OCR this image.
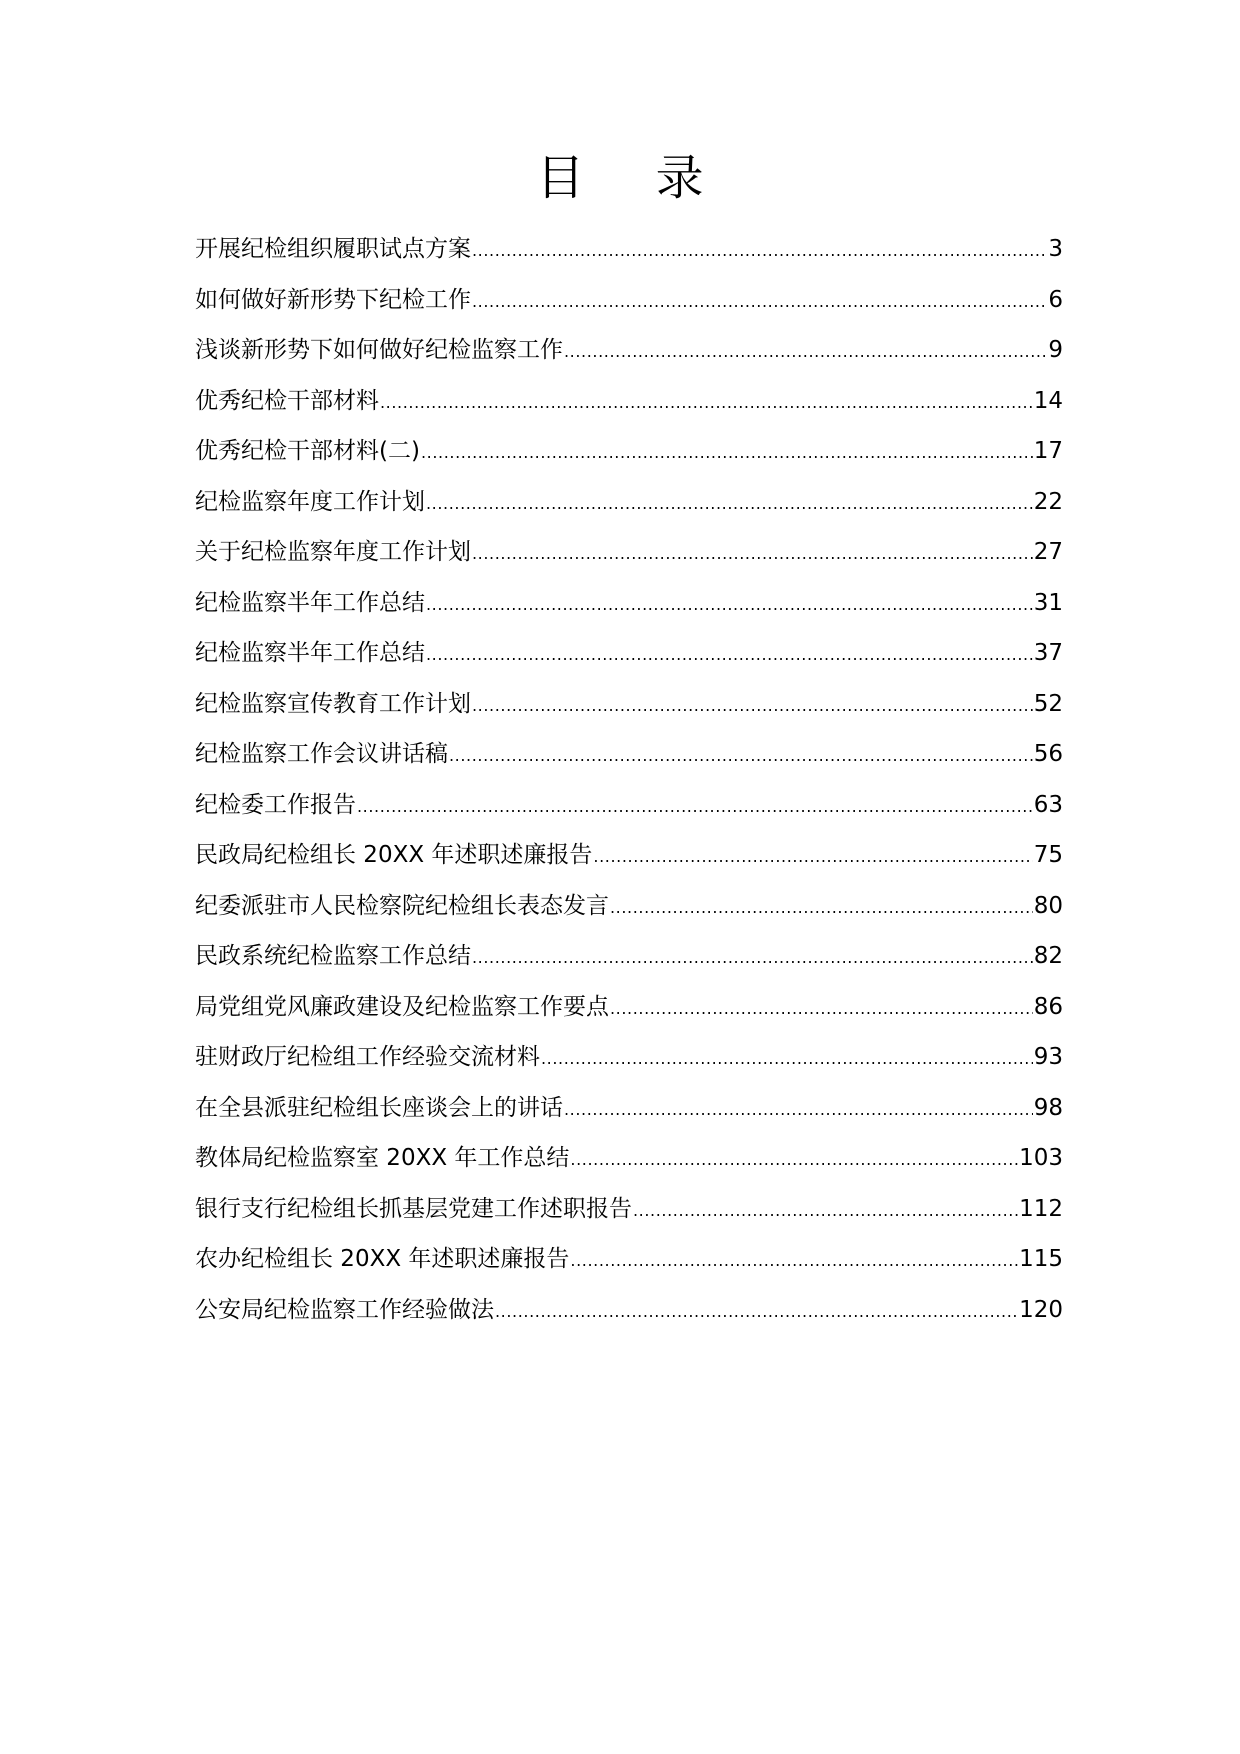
目 录
开展纪检组织履职试点方案 .....	3
如何做好新形势下纪检工作 .....	6
浅谈新形势下如何做好纪检监察工作 .....	9
优秀纪检干部材料 .....	14
优秀纪检干部材料(二) .....	17
纪检监察年度工作计划 .....	22
关于纪检监察年度工作计划 .....	27
纪检监察半年工作总结 .....	31
纪检监察半年工作总结 .....	37
纪检监察宣传教育工作计划 .....	52
纪检监察工作会议讲话稿 .....	56
纪检委工作报告 .....	63
民政局纪检组长 20XX 年述职述廉报告 .....	75
纪委派驻市人民检察院纪检组长表态发言 .....	80
民政系统纪检监察工作总结 .....	82
局党组党风廉政建设及纪检监察工作要点 .....	86
驻财政厅纪检组工作经验交流材料 .....	93
在全县派驻纪检组长座谈会上的讲话 .....	98
教体局纪检监察室 20XX 年工作总结 .....	103
银行支行纪检组长抓基层党建工作述职报告 .....	112
农办纪检组长 20XX 年述职述廉报告 .....	115
公安局纪检监察工作经验做法 .....	120
